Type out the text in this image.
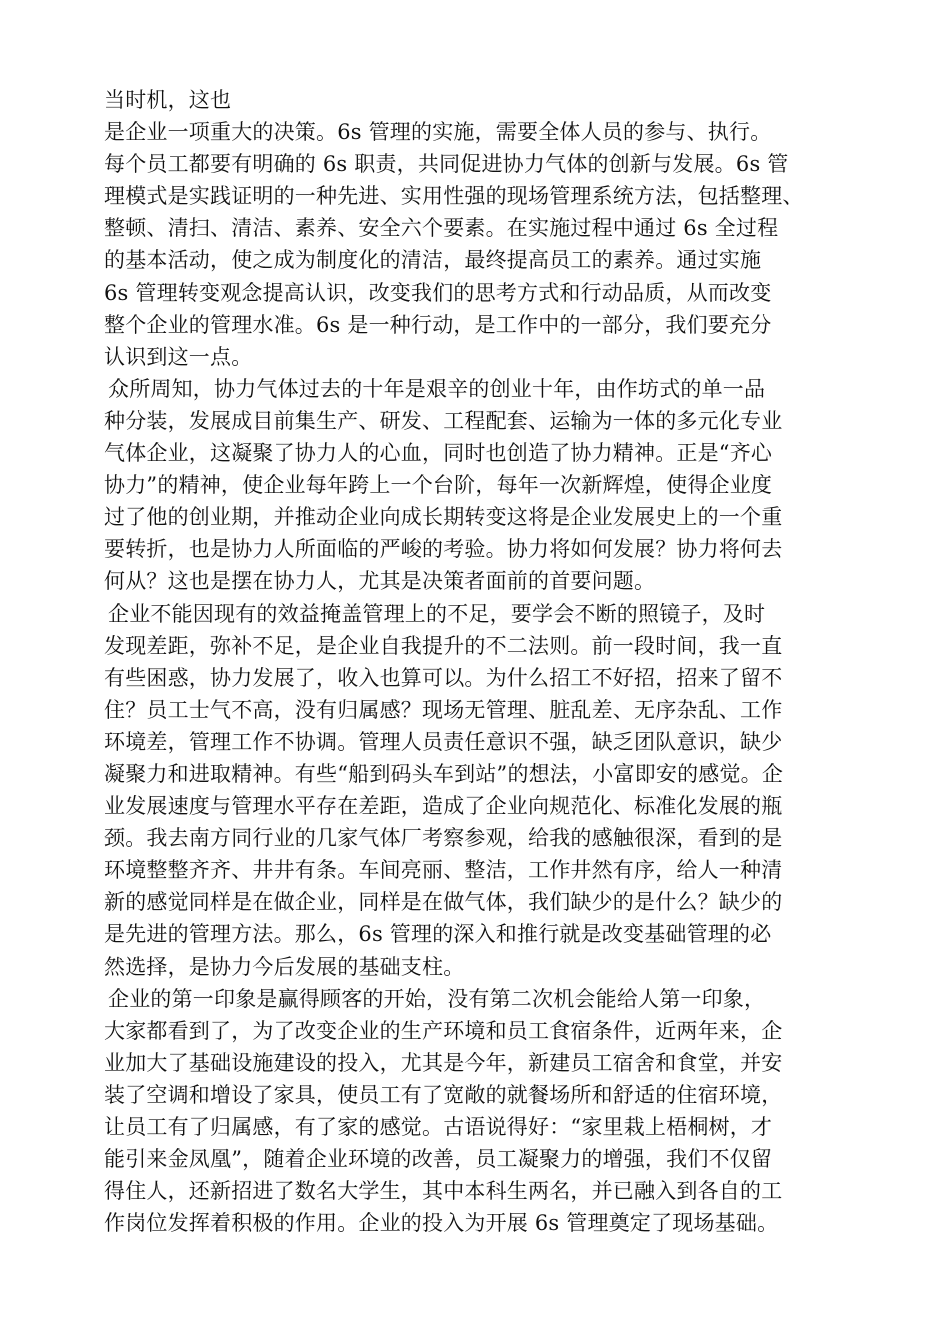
当时机，这也
是企业一项重大的决策。6s 管理的实施，需要全体人员的参与、执行。
每个员工都要有明确的 6s 职责，共同促进协力气体的创新与发展。6s 管
理模式是实践证明的一种先进、实用性强的现场管理系统方法，包括整理、
整顿、清扫、清洁、素养、安全六个要素。在实施过程中通过 6s 全过程
的基本活动，使之成为制度化的清洁，最终提高员工的素养。通过实施
6s 管理转变观念提高认识，改变我们的思考方式和行动品质，从而改变
整个企业的管理水准。6s 是一种行动，是工作中的一部分，我们要充分
认识到这一点。
众所周知，协力气体过去的十年是艰辛的创业十年，由作坊式的单一品
种分装，发展成目前集生产、研发、工程配套、运输为一体的多元化专业
气体企业，这凝聚了协力人的心血，同时也创造了协力精神。正是“齐心
协力”的精神，使企业每年跨上一个台阶，每年一次新辉煌，使得企业度
过了他的创业期，并推动企业向成长期转变这将是企业发展史上的一个重
要转折，也是协力人所面临的严峻的考验。协力将如何发展？协力将何去
何从？这也是摆在协力人，尤其是决策者面前的首要问题。
企业不能因现有的效益掩盖管理上的不足，要学会不断的照镜子，及时
发现差距，弥补不足，是企业自我提升的不二法则。前一段时间，我一直
有些困惑，协力发展了，收入也算可以。为什么招工不好招，招来了留不
住？员工士气不高，没有归属感？现场无管理、脏乱差、无序杂乱、工作
环境差，管理工作不协调。管理人员责任意识不强，缺乏团队意识，缺少
凝聚力和进取精神。有些“船到码头车到站”的想法，小富即安的感觉。企
业发展速度与管理水平存在差距，造成了企业向规范化、标准化发展的瓶
颈。我去南方同行业的几家气体厂考察参观，给我的感触很深，看到的是
环境整整齐齐、井井有条。车间亮丽、整洁，工作井然有序，给人一种清
新的感觉同样是在做企业，同样是在做气体，我们缺少的是什么？缺少的
是先进的管理方法。那么，6s 管理的深入和推行就是改变基础管理的必
然选择，是协力今后发展的基础支柱。
企业的第一印象是赢得顾客的开始，没有第二次机会能给人第一印象，
大家都看到了，为了改变企业的生产环境和员工食宿条件，近两年来，企
业加大了基础设施建设的投入，尤其是今年，新建员工宿舍和食堂，并安
装了空调和增设了家具，使员工有了宽敞的就餐场所和舒适的住宿环境，
让员工有了归属感，有了家的感觉。古语说得好：“家里栽上梧桐树，才
能引来金凤凰”，随着企业环境的改善，员工凝聚力的增强，我们不仅留
得住人，还新招进了数名大学生，其中本科生两名，并已融入到各自的工
作岗位发挥着积极的作用。企业的投入为开展 6s 管理奠定了现场基础。
